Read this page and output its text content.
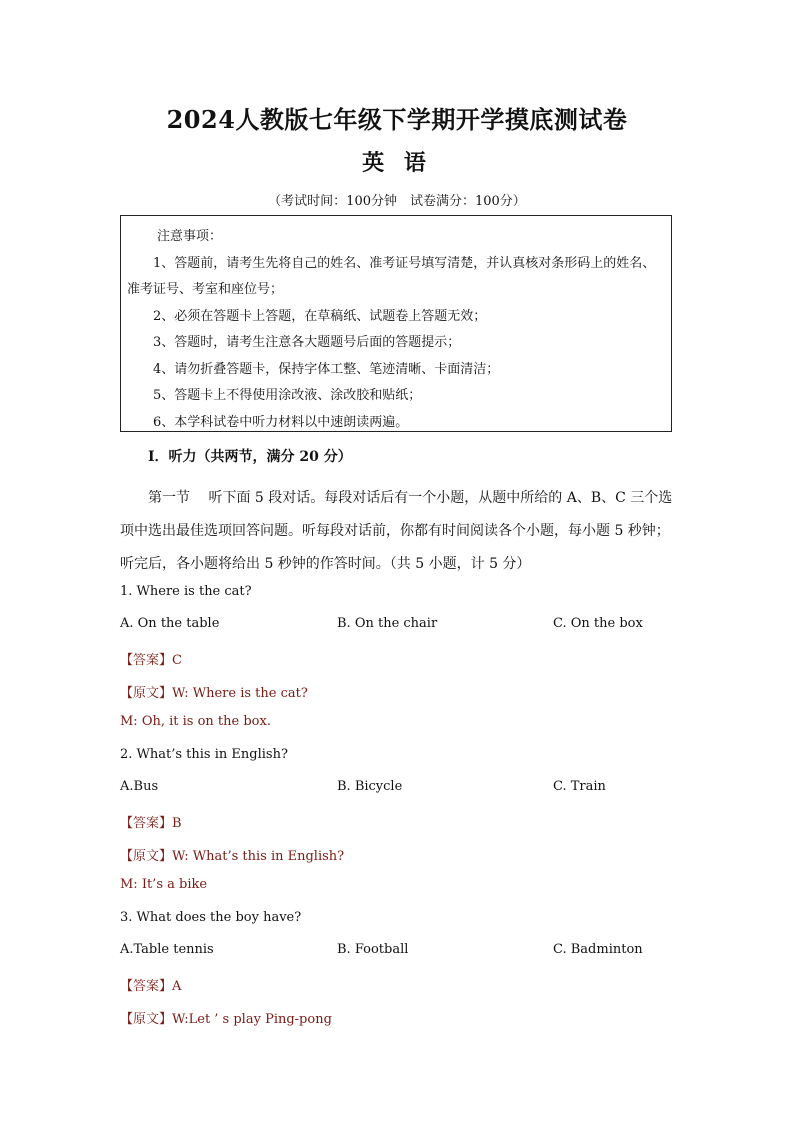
2024人教版七年级下学期开学摸底测试卷
英 语
（考试时间：100分钟　试卷满分：100分）
注意事项：
1、答题前，请考生先将自己的姓名、准考证号填写清楚，并认真核对条形码上的姓名、准考证号、考室和座位号；
2、必须在答题卡上答题，在草稿纸、试题卷上答题无效；
3、答题时，请考生注意各大题题号后面的答题提示；
4、请勿折叠答题卡，保持字体工整、笔迹清晰、卡面清洁；
5、答题卡上不得使用涂改液、涂改胶和贴纸；
6、本学科试卷中听力材料以中速朗读两遍。
I．听力（共两节，满分 20 分）
第一节　 听下面 5 段对话。每段对话后有一个小题，从题中所给的 A、B、C 三个选项中选出最佳选项回答问题。听每段对话前，你都有时间阅读各个小题，每小题 5 秒钟；听完后，各小题将给出 5 秒钟的作答时间。（共 5 小题，计 5 分）
1. Where is the cat?
A. On the table	B. On the chair	C. On the box
【答案】C
【原文】W: Where is the cat?
M: Oh, it is on the box.
2. What’s this in English?
A.Bus	B. Bicycle	C. Train
【答案】B
【原文】W: What’s this in English?
M: It’s a bike
3. What does the boy have?
A.Table tennis	B. Football	C. Badminton
【答案】A
【原文】W:Let ’ s play Ping-pong
